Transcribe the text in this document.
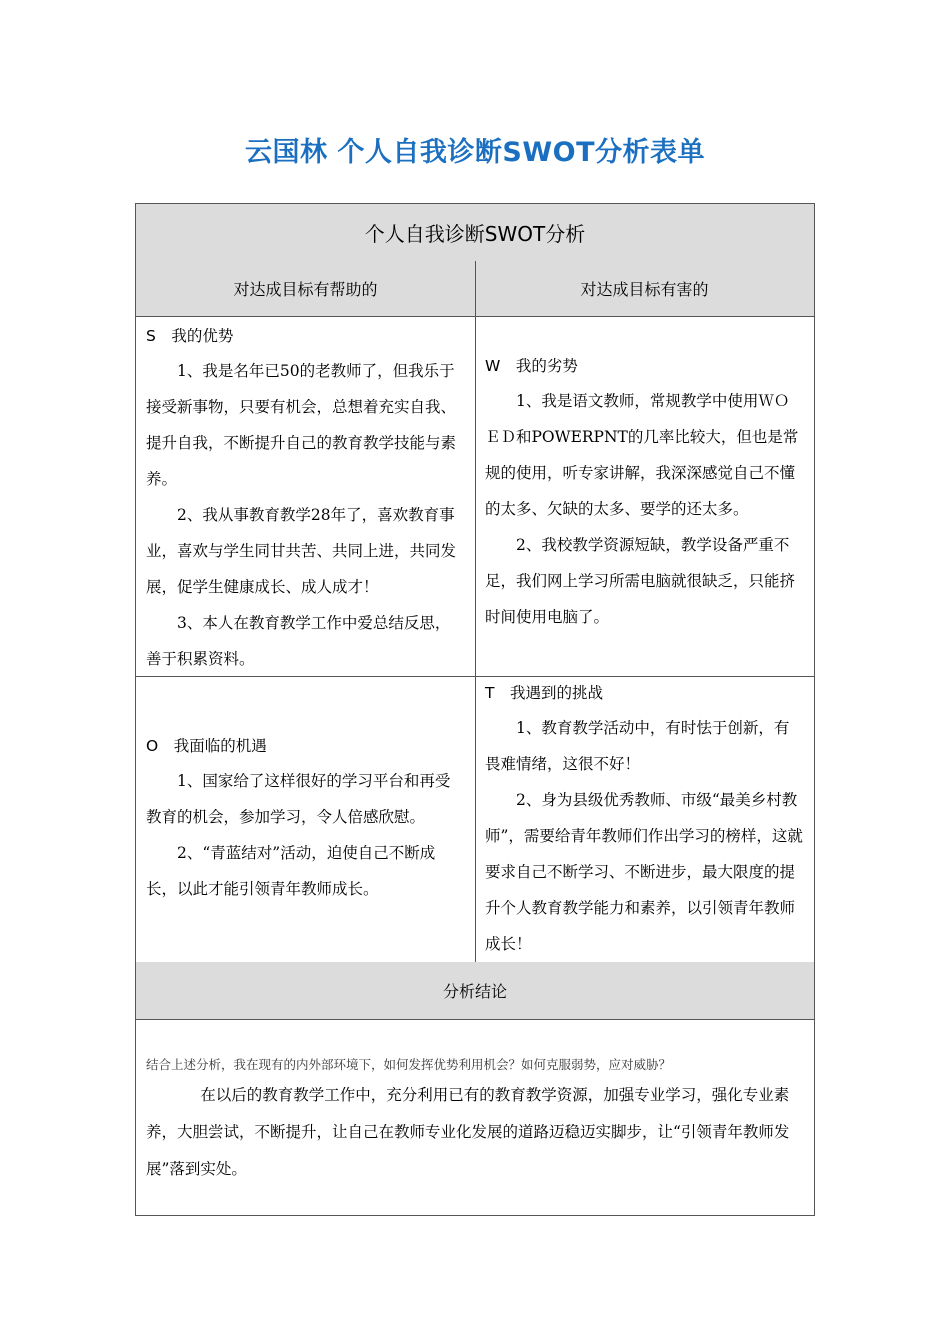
云国林 个人自我诊断SWOT分析表单
个人自我诊断SWOT分析
对达成目标有帮助的	对达成目标有害的
S　我的优势

1、我是名年已50的老教师了，但我乐于接受新事物，只要有机会，总想着充实自我、提升自我，不断提升自己的教育教学技能与素养。

2、我从事教育教学28年了，喜欢教育事业，喜欢与学生同甘共苦、共同上进，共同发展，促学生健康成长、成人成才！

3、本人在教育教学工作中爱总结反思，善于积累资料。

W　我的劣势

1、我是语文教师，常规教学中使用ＷＯＥＤ和POWERPNT的几率比较大，但也是常规的使用，听专家讲解，我深深感觉自己不懂的太多、欠缺的太多、要学的还太多。

2、我校教学资源短缺，教学设备严重不足，我们网上学习所需电脑就很缺乏，只能挤时间使用电脑了。

O　我面临的机遇

1、国家给了这样很好的学习平台和再受教育的机会，参加学习，令人倍感欣慰。

2、“青蓝结对”活动，迫使自己不断成长，以此才能引领青年教师成长。

T　我遇到的挑战

1、教育教学活动中，有时怯于创新，有畏难情绪，这很不好！

2、身为县级优秀教师、市级“最美乡村教师”，需要给青年教师们作出学习的榜样，这就要求自己不断学习、不断进步，最大限度的提升个人教育教学能力和素养，以引领青年教师成长！

分析结论
结合上述分析，我在现有的内外部环境下，如何发挥优势利用机会？如何克服弱势，应对威胁？

在以后的教育教学工作中，充分利用已有的教育教学资源，加强专业学习，强化专业素养，大胆尝试，不断提升，让自己在教师专业化发展的道路迈稳迈实脚步，让“引领青年教师发展”落到实处。
